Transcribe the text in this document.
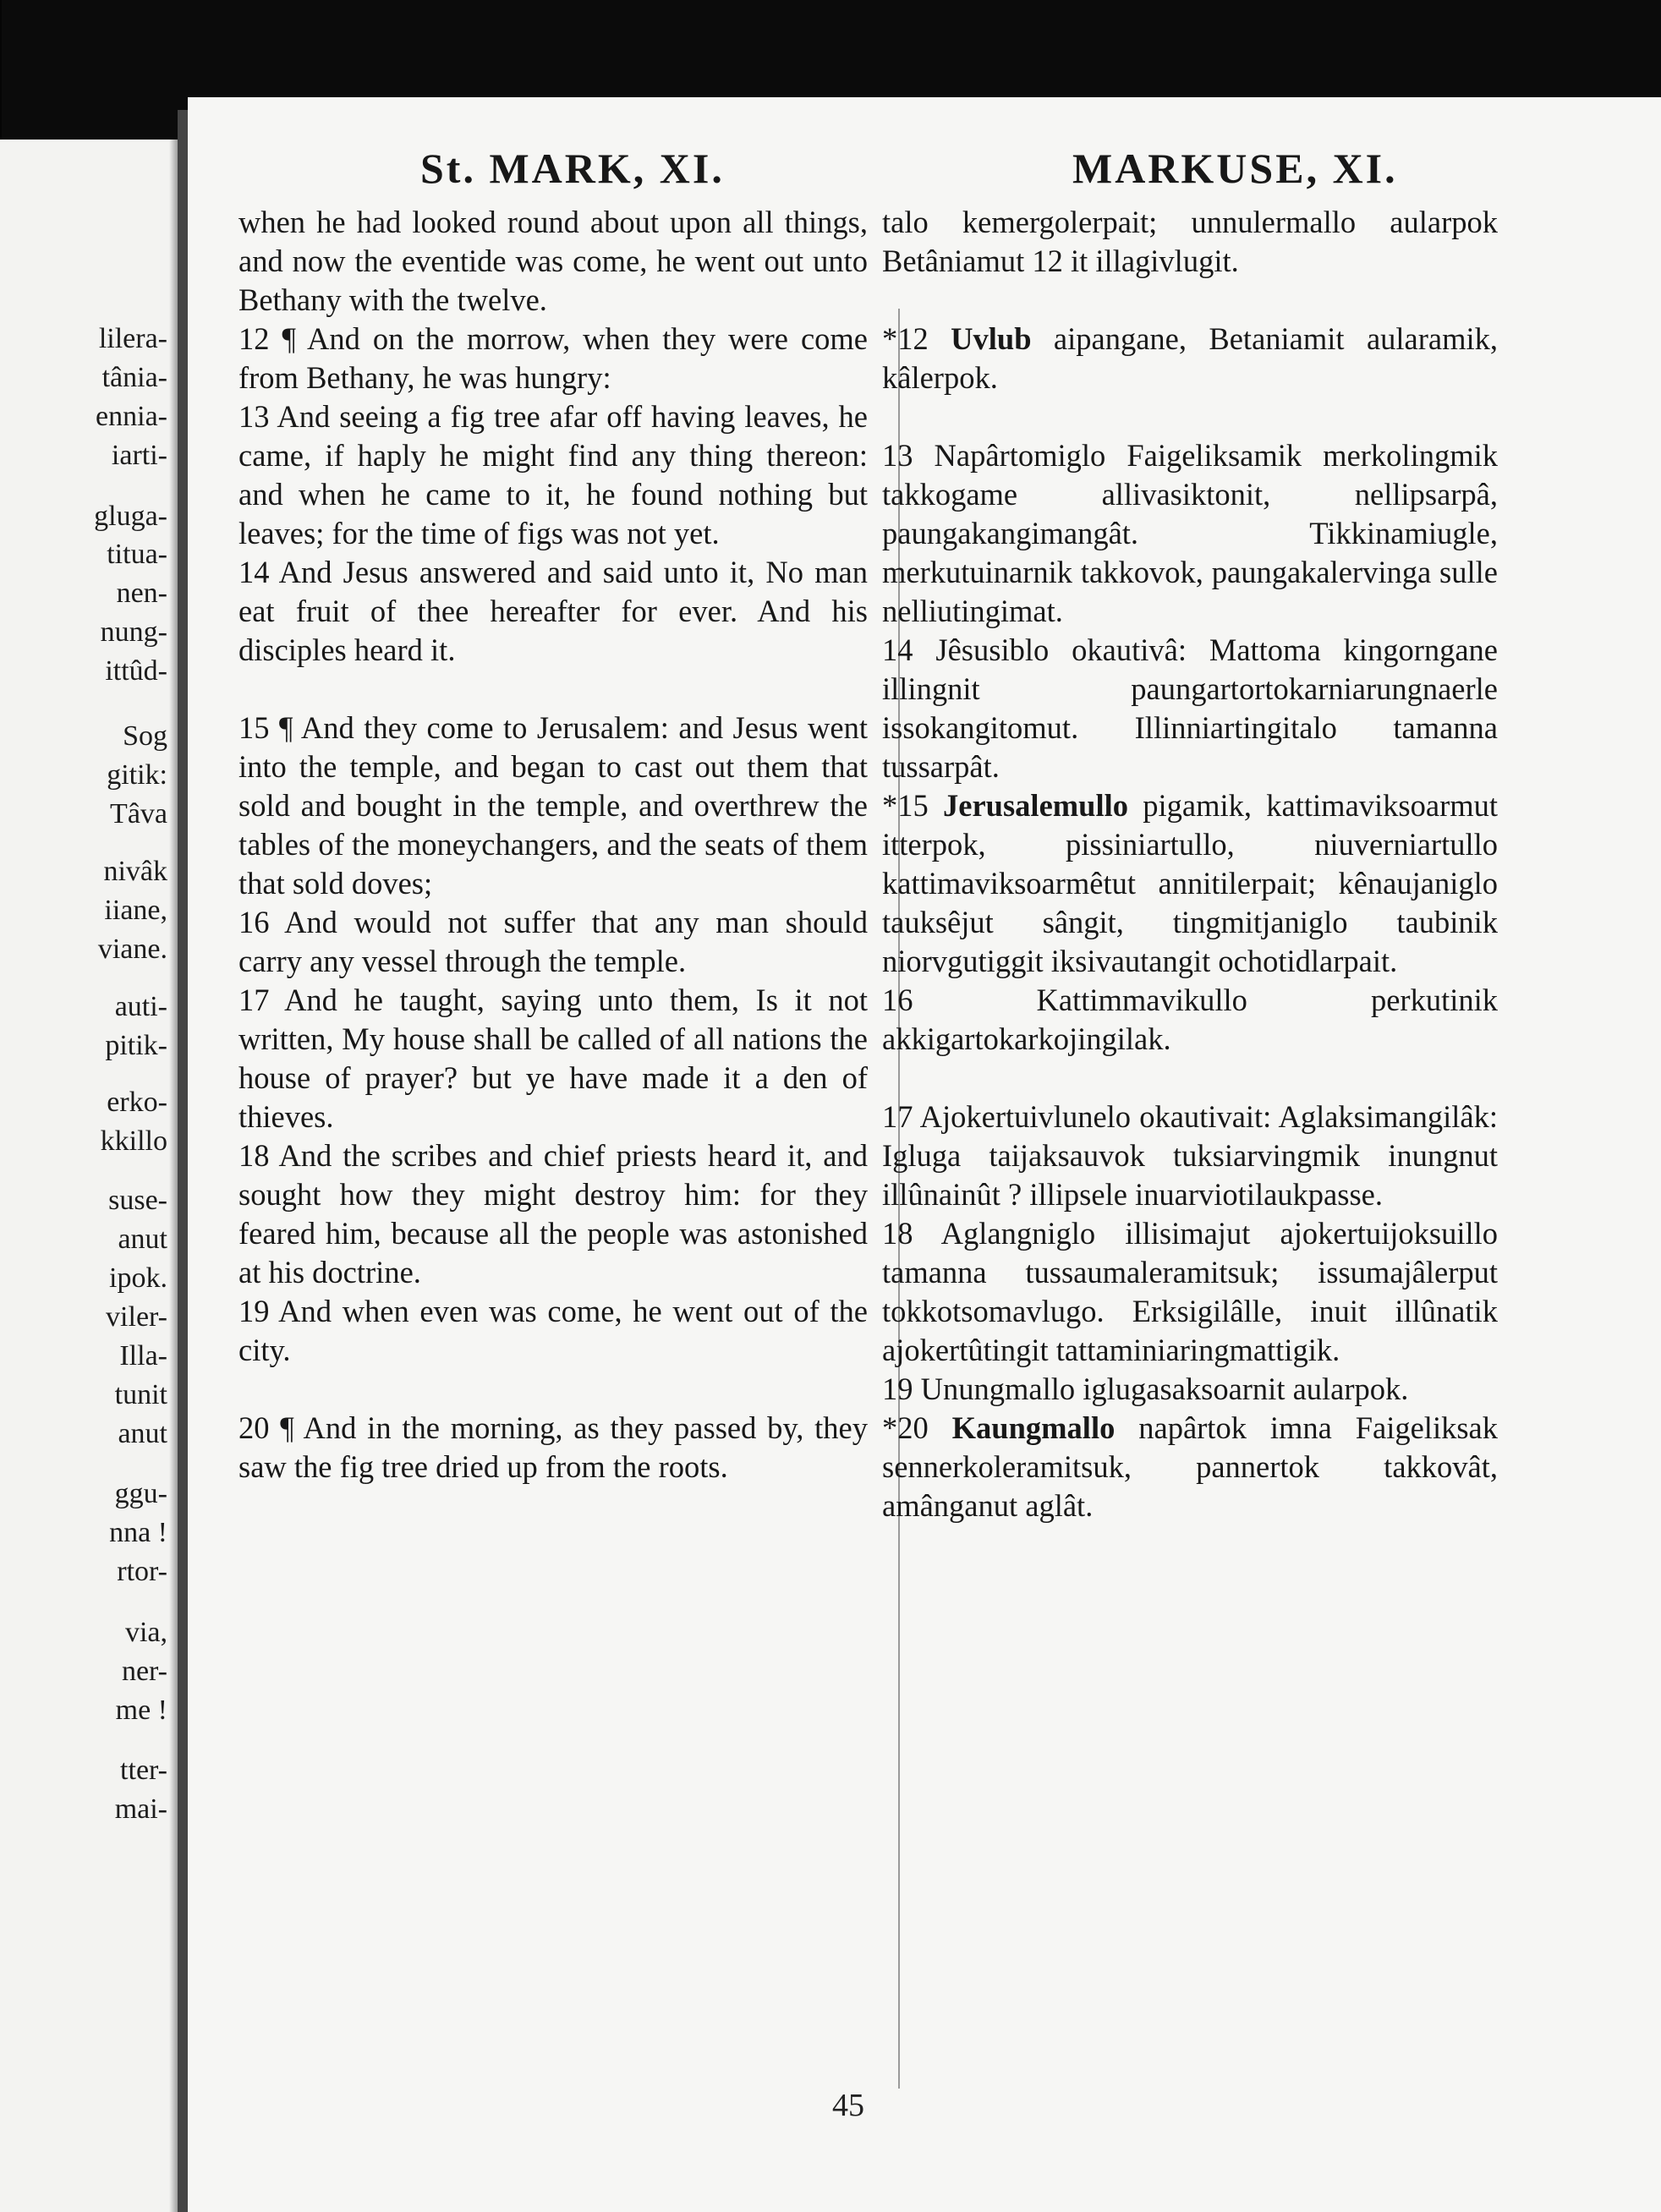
lilera-
tânia-
ennia-
iarti-
gluga-
titua-
nen-
nung-
ittûd-
Sog
gitik:
Tâva
nivâk
iiane,
viane.
auti-
pitik-
erko-
kkillo
suse-
anut
ipok.
viler-
Illa-
tunit
anut
ggu-
nna !
rtor-
via,
ner-
me !
tter-
mai-
St. MARK, XI.	MARKUSE, XI.

when he had looked round about upon all things, and now the eventide was come, he went out unto Bethany with the twelve.

12 ¶ And on the morrow, when they were come from Bethany, he was hungry:

13 And seeing a fig tree afar off having leaves, he came, if haply he might find any thing thereon: and when he came to it, he found nothing but leaves; for the time of figs was not yet.

14 And Jesus answered and said unto it, No man eat fruit of thee hereafter for ever. And his disciples heard it.

15 ¶ And they come to Jerusalem: and Jesus went into the temple, and began to cast out them that sold and bought in the temple, and overthrew the tables of the moneychangers, and the seats of them that sold doves;

16 And would not suffer that any man should carry any vessel through the temple.

17 And he taught, saying unto them, Is it not written, My house shall be called of all nations the house of prayer? but ye have made it a den of thieves.

18 And the scribes and chief priests heard it, and sought how they might destroy him: for they feared him, because all the people was astonished at his doctrine.

19 And when even was come, he went out of the city.

20 ¶ And in the morning, as they passed by, they saw the fig tree dried up from the roots.

talo kemergolerpait; unnulermallo aularpok Betâniamut 12 it illagivlugit.

*12 Uvlub aipangane, Betaniamit aularamik, kâlerpok.

13 Napârtomiglo Faigeliksamik merkolingmik takkogame allivasiktonit, nellipsarpâ, paungakangimangât. Tikkinamiugle, merkutuinarnik takkovok, paungakalervinga sulle nelliutingimat.

14 Jêsusiblo okautivâ: Mattoma kingorngane illingnit paungartortokarniarungnaerle issokangitomut. Illinniartingitalo tamanna tussarpât.

*15 Jerusalemullo pigamik, kattimaviksoarmut itterpok, pissiniartullo, niuverniartullo kattimaviksoarmêtut annitilerpait; kênaujaniglo tauksêjut sângit, tingmitjaniglo taubinik niorvgutiggit iksivautangit ochotidlarpait.

16 Kattimmavikullo perkutinik akkigartokarkojingilak.

17 Ajokertuivlunelo okautivait: Aglaksimangilâk: Igluga taijaksauvok tuksiarvingmik inungnut illûnainût ? illipsele inuarviotilaukpasse.

18 Aglangniglo illisimajut ajokertuijoksuillo tamanna tussaumaleramitsuk; issumajâlerput tokkotsomavlugo. Erksigilâlle, inuit illûnatik ajokertûtingit tattaminiaringmattigik.

19 Unungmallo iglugasaksoarnit aularpok.

*20 Kaungmallo napârtok imna Faigeliksak sennerkoleramitsuk, pannertok takkovât, amânganut aglât.

45
